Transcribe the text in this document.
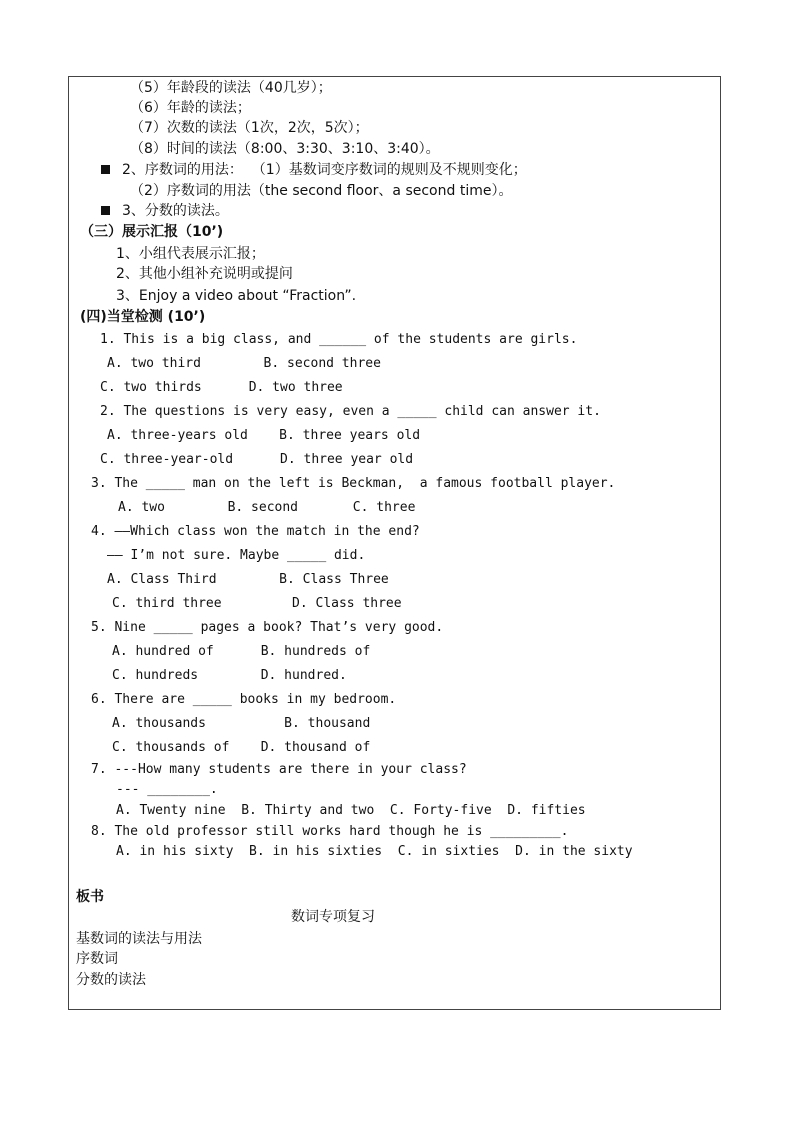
（5）年龄段的读法（40几岁）；
（6）年龄的读法；
（7）次数的读法（1次，2次，5次）；
（8）时间的读法（8:00、3:30、3:10、3:40）。
2、序数词的用法：  （1）基数词变序数词的规则及不规则变化；
（2）序数词的用法（the second floor、a second time）。
3、分数的读法。
（三）展示汇报（10’)
1、小组代表展示汇报；
2、其他小组补充说明或提问
3、Enjoy a video about “Fraction”.
(四)当堂检测 (10’)
1. This is a big class, and ______ of the students are girls.
A. two third        B. second three
C. two thirds      D. two three
2. The questions is very easy, even a _____ child can answer it.
A. three-years old    B. three years old
C. three-year-old      D. three year old
3. The _____ man on the left is Beckman,  a famous football player.
A. two        B. second       C. three
4. ——Which class won the match in the end?
—— I’m not sure. Maybe _____ did.
A. Class Third        B. Class Three
C. third three         D. Class three
5. Nine _____ pages a book? That’s very good.
A. hundred of      B. hundreds of
C. hundreds        D. hundred.
6. There are _____ books in my bedroom.
A. thousands          B. thousand
C. thousands of    D. thousand of
7. ---How many students are there in your class?
--- ________.
A. Twenty nine  B. Thirty and two  C. Forty-five  D. fifties
8. The old professor still works hard though he is _________.
A. in his sixty  B. in his sixties  C. in sixties  D. in the sixty
板书
数词专项复习
基数词的读法与用法
序数词
分数的读法
